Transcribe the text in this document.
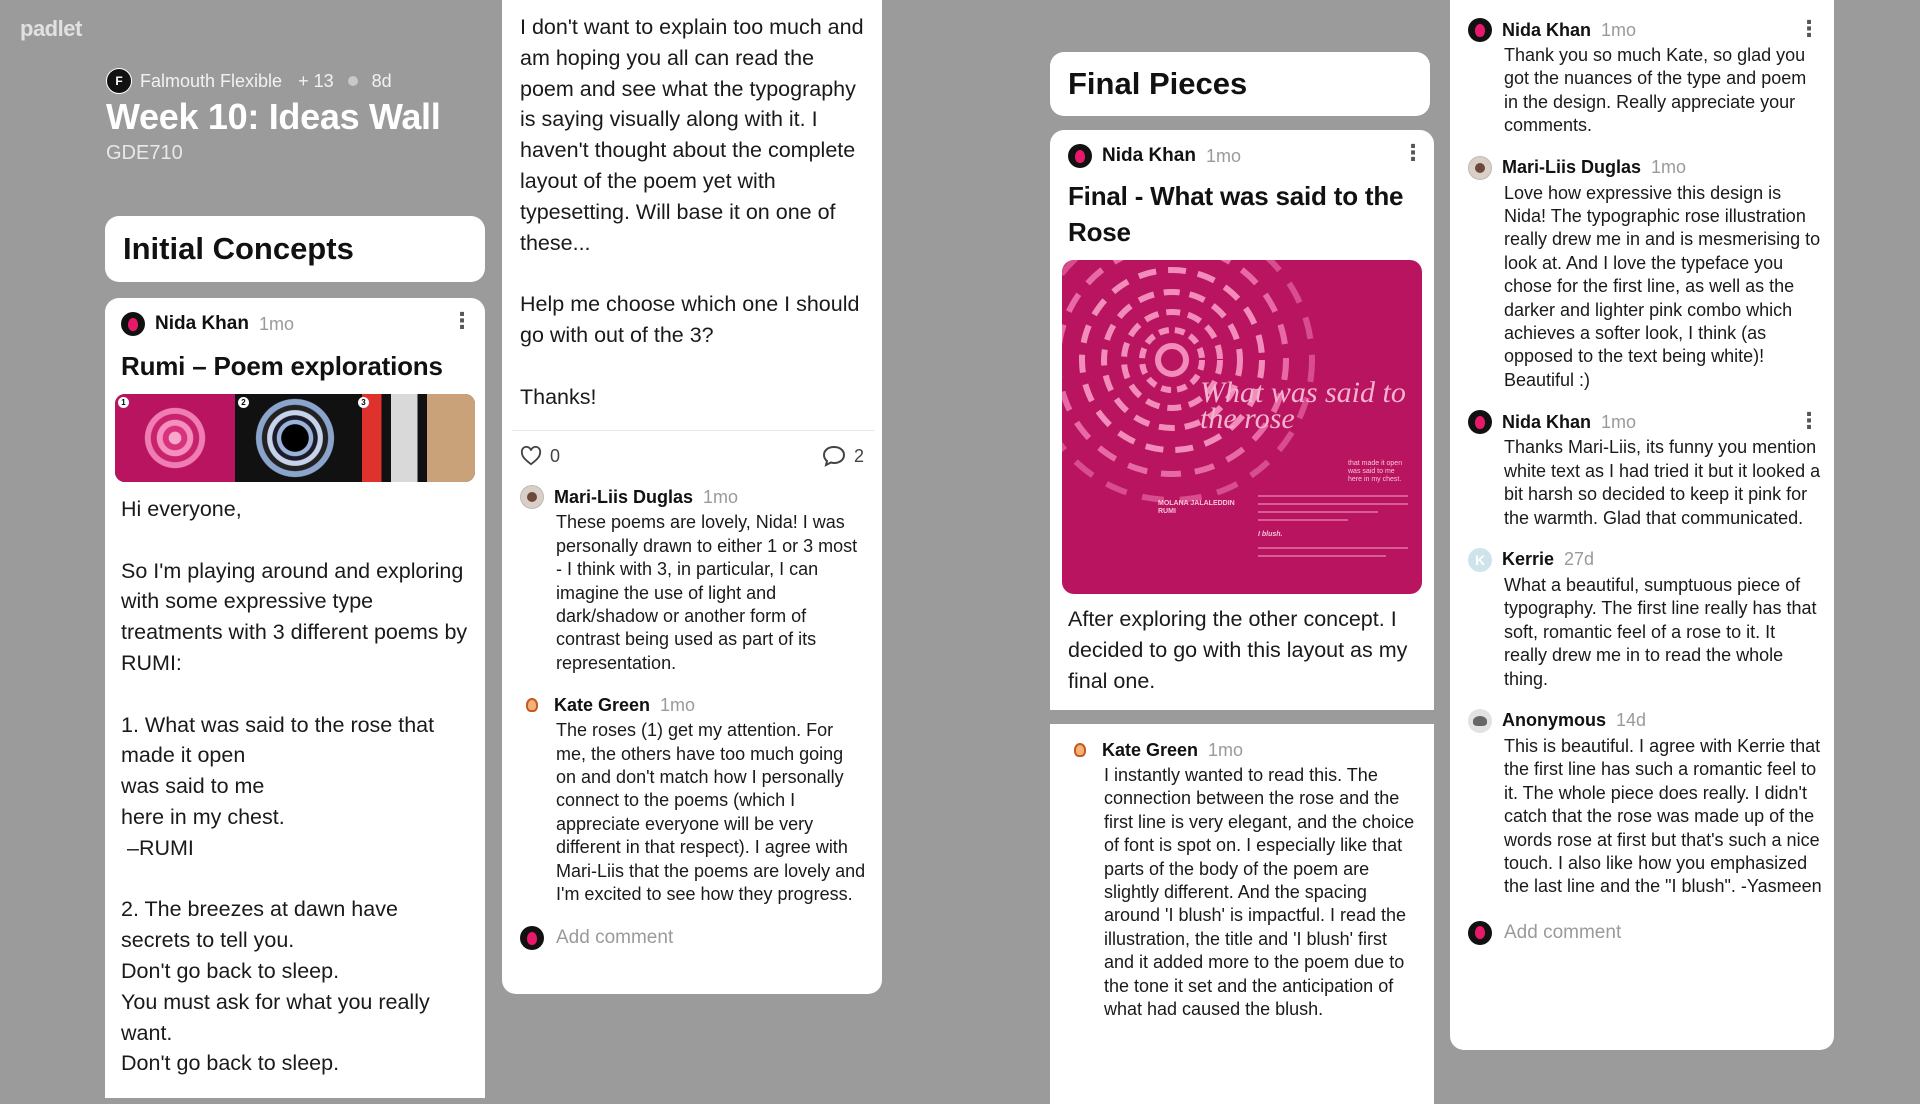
padlet
F Falmouth Flexible + 13 8d
Week 10: Ideas Wall
GDE710
Initial Concepts
Nida Khan 1mo	⋮
Rumi – Poem explorations
1	2	3
Hi everyone,

So I'm playing around and exploring with some expressive type treatments with 3 different poems by RUMI:

1. What was said to the rose that made it open
was said to me
here in my chest.
–RUMI

2. The breezes at dawn have secrets to tell you.
Don't go back to sleep.
You must ask for what you really want.
Don't go back to sleep.
I don't want to explain too much and am hoping you all can read the poem and see what the typography is saying visually along with it. I haven't thought about the complete layout of the poem yet with typesetting. Will base it on one of these...

Help me choose which one I should go with out of the 3?

Thanks!
0	2
Mari-Liis Duglas 1mo
These poems are lovely, Nida! I was personally drawn to either 1 or 3 most - I think with 3, in particular, I can imagine the use of light and dark/shadow or another form of contrast being used as part of its representation.
Kate Green 1mo
The roses (1) get my attention. For me, the others have too much going on and don't match how I personally connect to the poems (which I appreciate everyone will be very different in that respect). I agree with Mari-Liis that the poems are lovely and I'm excited to see how they progress.
Add comment
Final Pieces
Nida Khan 1mo	⋮
Final - What was said to the Rose
What was said to the rose
that made it open was said to me here in my chest.
MOLANA JALALEDDIN RUMI
I blush.
After exploring the other concept. I decided to go with this layout as my final one.
Kate Green 1mo
I instantly wanted to read this. The connection between the rose and the first line is very elegant, and the choice of font is spot on. I especially like that parts of the body of the poem are slightly different. And the spacing around 'I blush' is impactful. I read the illustration, the title and 'I blush' first and it added more to the poem due to the tone it set and the anticipation of what had caused the blush.
Nida Khan 1mo	⋮
Thank you so much Kate, so glad you got the nuances of the type and poem in the design. Really appreciate your comments.
Mari-Liis Duglas 1mo
Love how expressive this design is Nida! The typographic rose illustration really drew me in and is mesmerising to look at. And I love the typeface you chose for the first line, as well as the darker and lighter pink combo which achieves a softer look, I think (as opposed to the text being white)! Beautiful :)
Nida Khan 1mo	⋮
Thanks Mari-Liis, its funny you mention white text as I had tried it but it looked a bit harsh so decided to keep it pink for the warmth. Glad that communicated.
K Kerrie 27d
What a beautiful, sumptuous piece of typography. The first line really has that soft, romantic feel of a rose to it. It really drew me in to read the whole thing.
Anonymous 14d
This is beautiful. I agree with Kerrie that the first line has such a romantic feel to it. The whole piece does really. I didn't catch that the rose was made up of the words rose at first but that's such a nice touch. I also like how you emphasized the last line and the "I blush". -Yasmeen
Add comment
